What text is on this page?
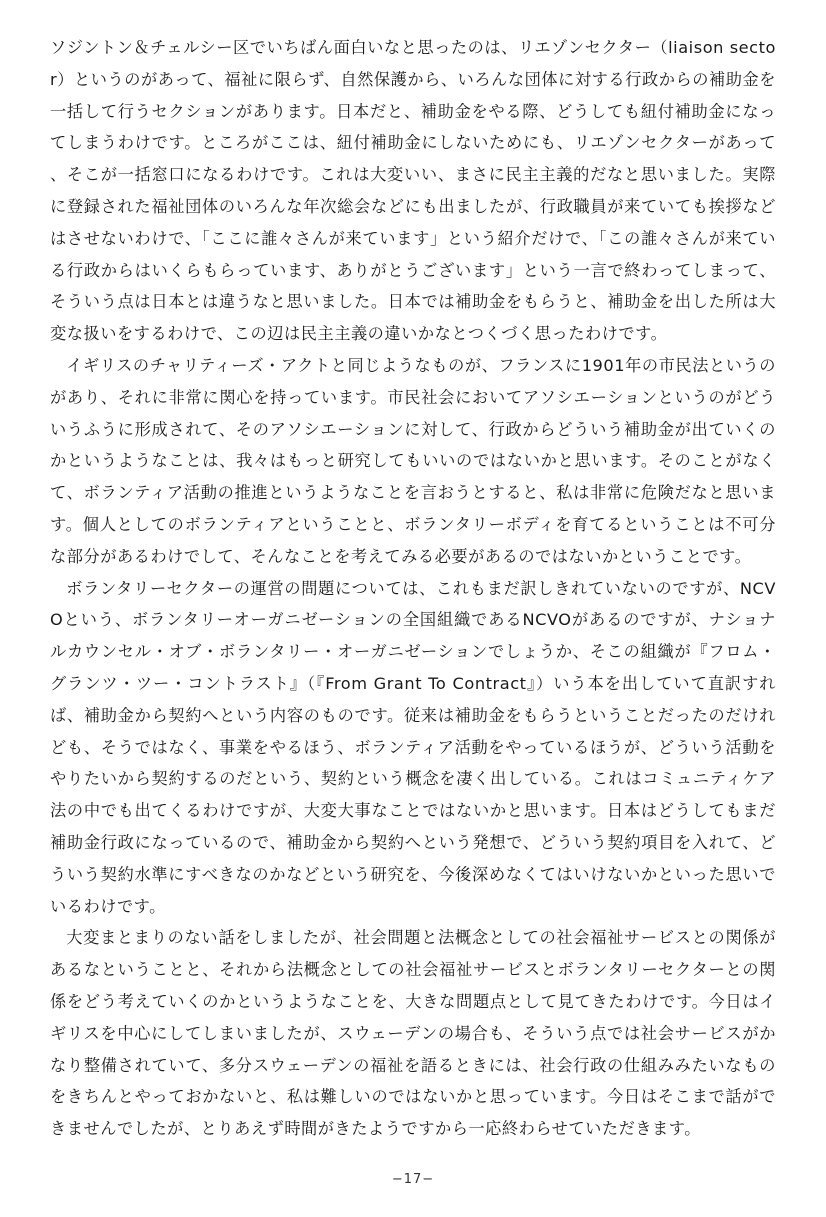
ソジントン＆チェルシー区でいちばん面白いなと思ったのは、リエゾンセクター（liaison sector）というのがあって、福祉に限らず、自然保護から、いろんな団体に対する行政からの補助金を一括して行うセクションがあります。日本だと、補助金をやる際、どうしても紐付補助金になってしまうわけです。ところがここは、紐付補助金にしないためにも、リエゾンセクターがあって、そこが一括窓口になるわけです。これは大変いい、まさに民主主義的だなと思いました。実際に登録された福祉団体のいろんな年次総会などにも出ましたが、行政職員が来ていても挨拶などはさせないわけで、「ここに誰々さんが来ています」という紹介だけで、「この誰々さんが来ている行政からはいくらもらっています、ありがとうございます」という一言で終わってしまって、そういう点は日本とは違うなと思いました。日本では補助金をもらうと、補助金を出した所は大変な扱いをするわけで、この辺は民主主義の違いかなとつくづく思ったわけです。

イギリスのチャリティーズ・アクトと同じようなものが、フランスに1901年の市民法というのがあり、それに非常に関心を持っています。市民社会においてアソシエーションというのがどういうふうに形成されて、そのアソシエーションに対して、行政からどういう補助金が出ていくのかというようなことは、我々はもっと研究してもいいのではないかと思います。そのことがなくて、ボランティア活動の推進というようなことを言おうとすると、私は非常に危険だなと思います。個人としてのボランティアということと、ボランタリーボディを育てるということは不可分な部分があるわけでして、そんなことを考えてみる必要があるのではないかということです。

ボランタリーセクターの運営の問題については、これもまだ訳しきれていないのですが、NCVOという、ボランタリーオーガニゼーションの全国組織であるNCVOがあるのですが、ナショナルカウンセル・オブ・ボランタリー・オーガニゼーションでしょうか、そこの組織が『フロム・グランツ・ツー・コントラスト』（『From Grant To Contract』）いう本を出していて直訳すれば、補助金から契約へという内容のものです。従来は補助金をもらうということだったのだけれども、そうではなく、事業をやるほう、ボランティア活動をやっているほうが、どういう活動をやりたいから契約するのだという、契約という概念を凄く出している。これはコミュニティケア法の中でも出てくるわけですが、大変大事なことではないかと思います。日本はどうしてもまだ補助金行政になっているので、補助金から契約へという発想で、どういう契約項目を入れて、どういう契約水準にすべきなのかなどという研究を、今後深めなくてはいけないかといった思いでいるわけです。

大変まとまりのない話をしましたが、社会問題と法概念としての社会福祉サービスとの関係があるなということと、それから法概念としての社会福祉サービスとボランタリーセクターとの関係をどう考えていくのかというようなことを、大きな問題点として見てきたわけです。今日はイギリスを中心にしてしまいましたが、スウェーデンの場合も、そういう点では社会サービスがかなり整備されていて、多分スウェーデンの福祉を語るときには、社会行政の仕組みみたいなものをきちんとやっておかないと、私は難しいのではないかと思っています。今日はそこまで話ができませんでしたが、とりあえず時間がきたようですから一応終わらせていただきます。

−17−
